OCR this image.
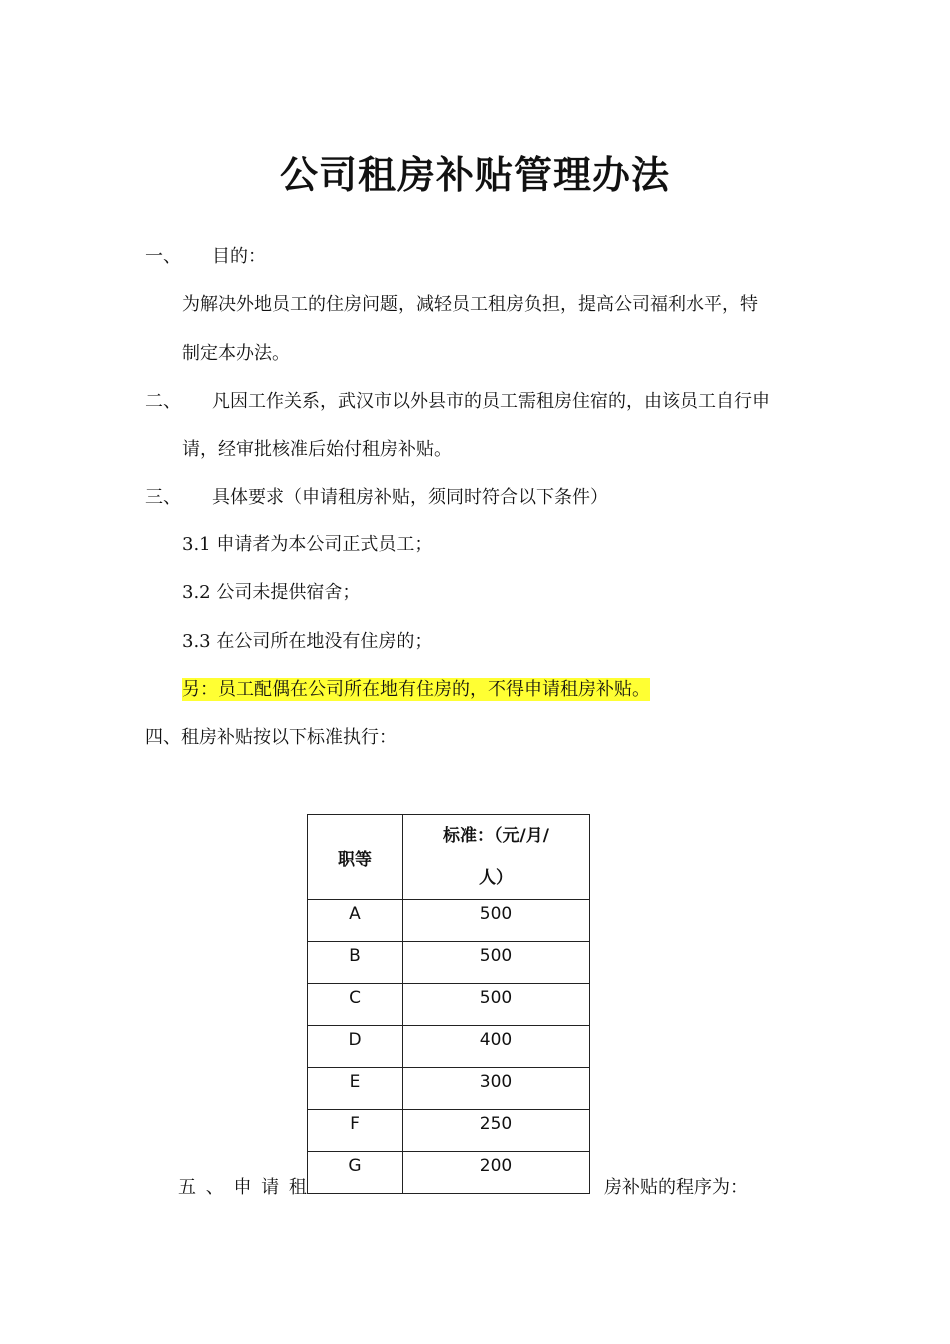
公司租房补贴管理办法
一、 目的：
为解决外地员工的住房问题，减轻员工租房负担，提高公司福利水平，特
制定本办法。
二、 凡因工作关系，武汉市以外县市的员工需租房住宿的，由该员工自行申
请，经审批核准后始付租房补贴。
三、 具体要求（申请租房补贴，须同时符合以下条件）
3.1 申请者为本公司正式员工；
3.2 公司未提供宿舍；
3.3 在公司所在地没有住房的；
另：员工配偶在公司所在地有住房的，不得申请租房补贴。
四、租房补贴按以下标准执行：
职等	标准：（元/月/
人）

A	500
B	500
C	500
D	400
E	300
F	250
G	200
五 、 申 请 租	房补贴的程序为：
